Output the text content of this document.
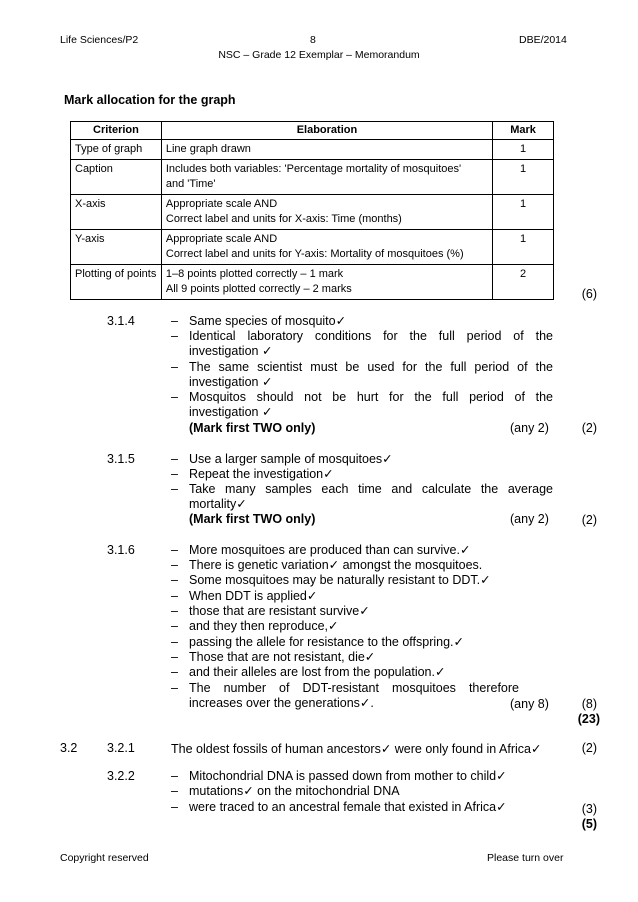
Life Sciences/P2	8	DBE/2014
NSC – Grade 12 Exemplar – Memorandum
Mark allocation for the graph
Criterion	Elaboration	Mark
Type of graph	Line graph drawn	1
Caption	Includes both variables: 'Percentage mortality of mosquitoes'
and 'Time'	1
X-axis	Appropriate scale AND
Correct label and units for X-axis: Time (months)	1
Y-axis	Appropriate scale AND
Correct label and units for Y-axis: Mortality of mosquitoes (%)	1
Plotting of points	1–8 points plotted correctly – 1 mark
All 9 points plotted correctly – 2 marks	2
(6)
3.1.4	– Same species of mosquito✓
– Identical laboratory conditions for the full period of the investigation ✓
– The same scientist must be used for the full period of the investigation ✓
– Mosquitos should not be hurt for the full period of the investigation ✓
(Mark first TWO only)	(any 2)	(2)
3.1.5	– Use a larger sample of mosquitoes✓
– Repeat the investigation✓
– Take many samples each time and calculate the average mortality✓
(Mark first TWO only)	(any 2)	(2)
3.1.6	– More mosquitoes are produced than can survive.✓
– There is genetic variation✓ amongst the mosquitoes.
– Some mosquitoes may be naturally resistant to DDT.✓
– When DDT is applied✓
– those that are resistant survive✓
– and they then reproduce,✓
– passing the allele for resistance to the offspring.✓
– Those that are not resistant, die✓
– and their alleles are lost from the population.✓
– The number of DDT-resistant mosquitoes therefore increases over the generations✓.	(any 8)	(8)
(23)
3.2 3.2.1	The oldest fossils of human ancestors✓ were only found in Africa✓	(2)
3.2.2	– Mitochondrial DNA is passed down from mother to child✓
– mutations✓ on the mitochondrial DNA
– were traced to an ancestral female that existed in Africa✓	(3)
(5)
Copyright reserved	Please turn over
